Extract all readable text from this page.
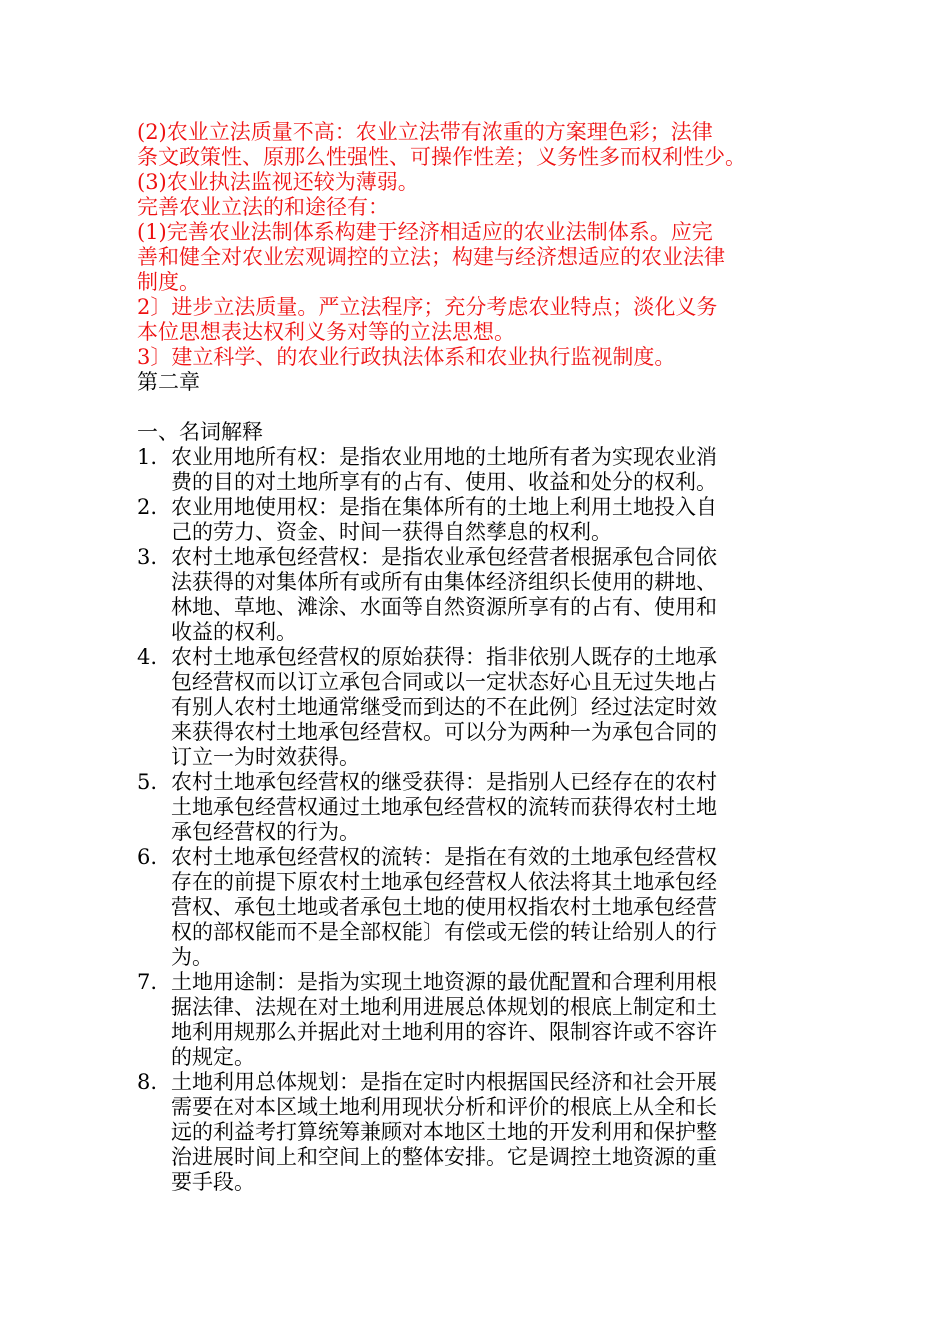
(2)农业立法质量不高：农业立法带有浓重的方案理色彩；法律
条文政策性、原那么性强性、可操作性差；义务性多而权利性少。
(3)农业执法监视还较为薄弱。
完善农业立法的和途径有：
(1)完善农业法制体系构建于经济相适应的农业法制体系。应完
善和健全对农业宏观调控的立法；构建与经济想适应的农业法律
制度。
2〕进步立法质量。严立法程序；充分考虑农业特点；淡化义务
本位思想表达权利义务对等的立法思想。
3〕建立科学、的农业行政执法体系和农业执行监视制度。
第二章
一、名词解释
1. 农业用地所有权：是指农业用地的土地所有者为实现农业消
费的目的对土地所享有的占有、使用、收益和处分的权利。
2. 农业用地使用权：是指在集体所有的土地上利用土地投入自
己的劳力、资金、时间一获得自然孳息的权利。
3. 农村土地承包经营权：是指农业承包经营者根据承包合同依
法获得的对集体所有或所有由集体经济组织长使用的耕地、
林地、草地、滩涂、水面等自然资源所享有的占有、使用和
收益的权利。
4. 农村土地承包经营权的原始获得：指非依别人既存的土地承
包经营权而以订立承包合同或以一定状态好心且无过失地占
有别人农村土地通常继受而到达的不在此例〕经过法定时效
来获得农村土地承包经营权。可以分为两种一为承包合同的
订立一为时效获得。
5. 农村土地承包经营权的继受获得：是指别人已经存在的农村
土地承包经营权通过土地承包经营权的流转而获得农村土地
承包经营权的行为。
6. 农村土地承包经营权的流转：是指在有效的土地承包经营权
存在的前提下原农村土地承包经营权人依法将其土地承包经
营权、承包土地或者承包土地的使用权指农村土地承包经营
权的部权能而不是全部权能〕有偿或无偿的转让给别人的行
为。
7. 土地用途制：是指为实现土地资源的最优配置和合理利用根
据法律、法规在对土地利用进展总体规划的根底上制定和土
地利用规那么并据此对土地利用的容许、限制容许或不容许
的规定。
8. 土地利用总体规划：是指在定时内根据国民经济和社会开展
需要在对本区域土地利用现状分析和评价的根底上从全和长
远的利益考打算统筹兼顾对本地区土地的开发利用和保护整
治进展时间上和空间上的整体安排。它是调控土地资源的重
要手段。
